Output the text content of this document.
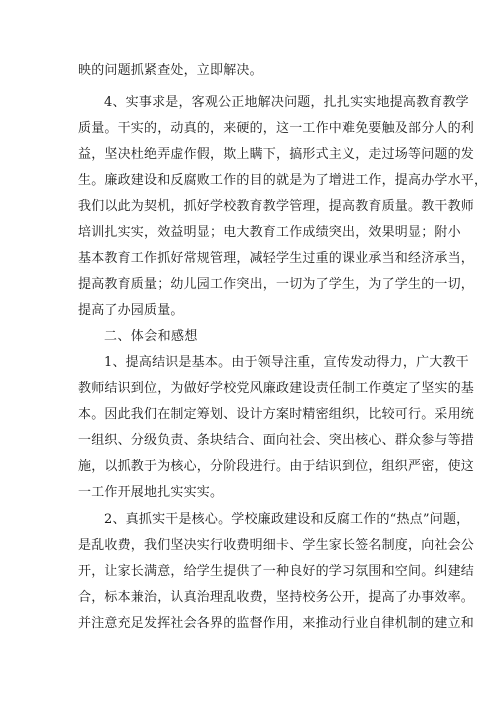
映的问题抓紧查处，立即解决。
4、实事求是，客观公正地解决问题，扎扎实实地提高教育教学
质量。干实的，动真的，来硬的，这一工作中难免要触及部分人的利
益，坚决杜绝弄虚作假，欺上瞒下，搞形式主义，走过场等问题的发
生。廉政建设和反腐败工作的目的就是为了增进工作，提高办学水平，
我们以此为契机，抓好学校教育教学管理，提高教育质量。教干教师
培训扎实实，效益明显；电大教育工作成绩突出，效果明显；附小
基本教育工作抓好常规管理，减轻学生过重的课业承当和经济承当，
提高教育质量；幼儿园工作突出，一切为了学生，为了学生的一切，
提高了办园质量。
二、体会和感想
1、提高结识是基本。由于领导注重，宣传发动得力，广大教干
教师结识到位，为做好学校党风廉政建设责任制工作奠定了坚实的基
本。因此我们在制定筹划、设计方案时精密组织，比较可行。采用统
一组织、分级负责、条块结合、面向社会、突出核心、群众参与等措
施，以抓教于为核心，分阶段进行。由于结识到位，组织严密，使这
一工作开展地扎实实实。
2、真抓实干是核心。学校廉政建设和反腐工作的“热点”问题，
是乱收费，我们坚决实行收费明细卡、学生家长签名制度，向社会公
开，让家长满意，给学生提供了一种良好的学习氛围和空间。纠建结
合，标本兼治，认真治理乱收费，坚持校务公开，提高了办事效率。
并注意充足发挥社会各界的监督作用，来推动行业自律机制的建立和
